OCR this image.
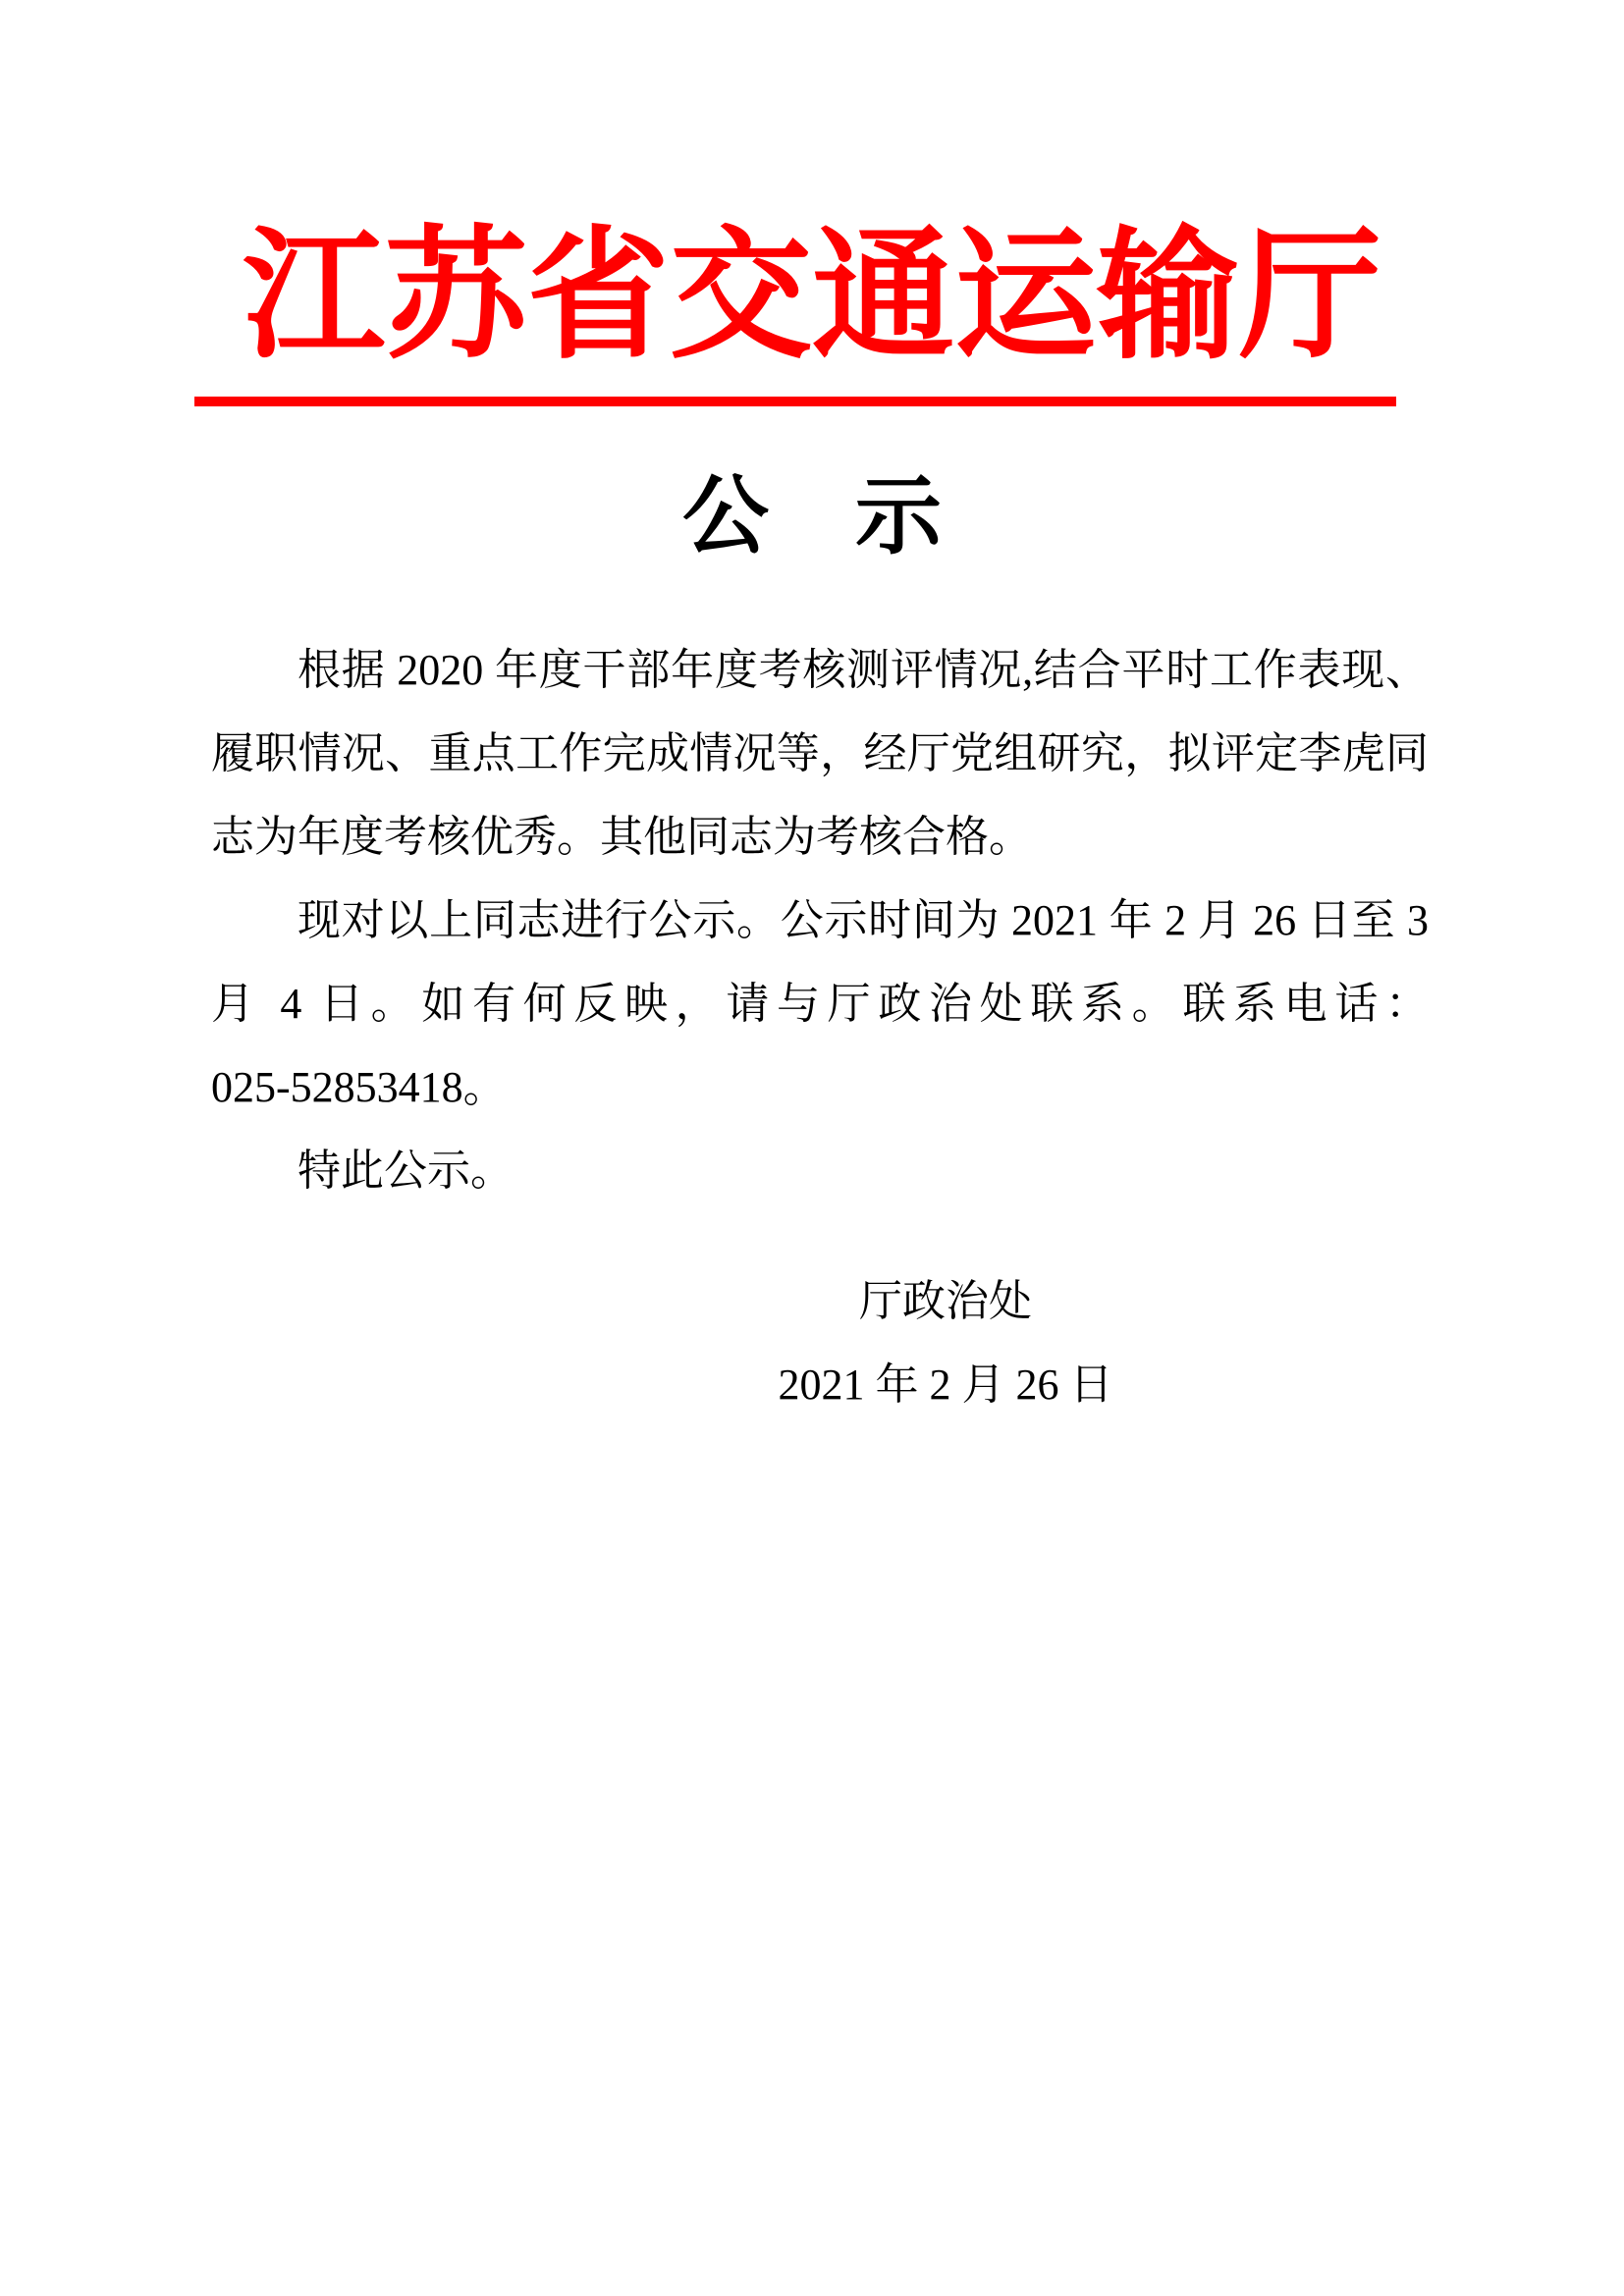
江苏省交通运输厅
公　示

根据 2020 年度干部年度考核测评情况,结合平时工作表现、

履职情况、重点工作完成情况等，经厅党组研究，拟评定李虎同

志为年度考核优秀。其他同志为考核合格。

现对以上同志进行公示。公示时间为 2021 年 2 月 26 日至 3

月 4 日。如有何反映，请与厅政治处联系。联系电话：

025-52853418。

特此公示。

厅政治处

2021 年 2 月 26 日
